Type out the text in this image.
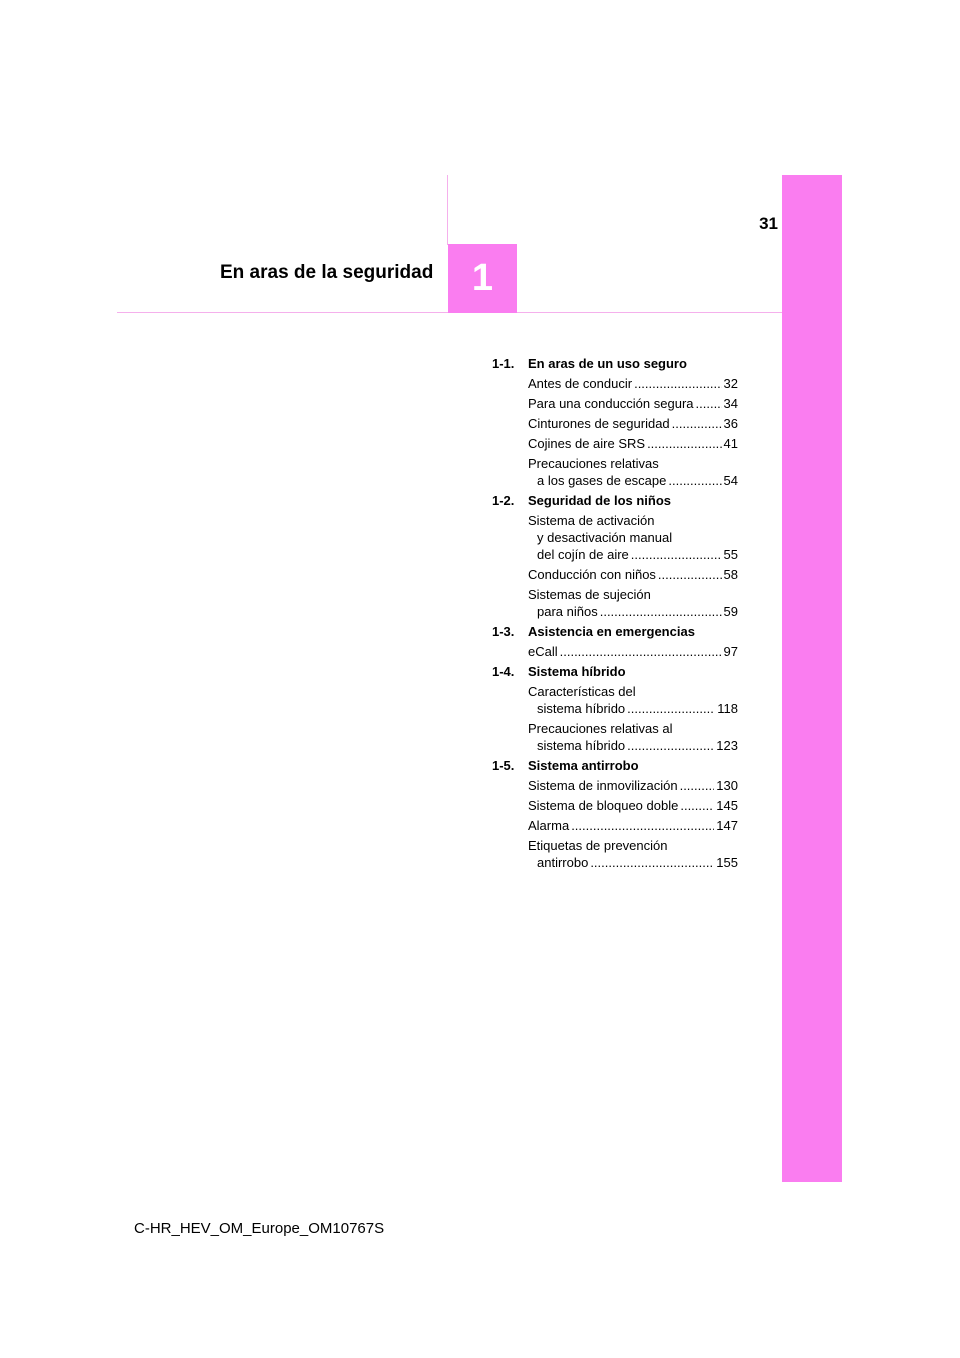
31
En aras de la seguridad 1
1-1.	En aras de un uso seguro
Antes de conducir .....	32
Para una conducción segura ..... 34
Cinturones de seguridad .....	36
Cojines de aire SRS .....	41
Precauciones relativas
a los gases de escape .....	54
1-2.	Seguridad de los niños
Sistema de activación
y desactivación manual
del cojín de aire .....	55
Conducción con niños .....	58
Sistemas de sujeción
para niños .....	59
1-3.	Asistencia en emergencias
eCall .....	97
1-4.	Sistema híbrido
Características del
sistema híbrido .....	118
Precauciones relativas al
sistema híbrido .....	123
1-5.	Sistema antirrobo
Sistema de inmovilización .....	130
Sistema de bloqueo doble .....	145
Alarma .....	147
Etiquetas de prevención
antirrobo .....	155
C-HR_HEV_OM_Europe_OM10767S
